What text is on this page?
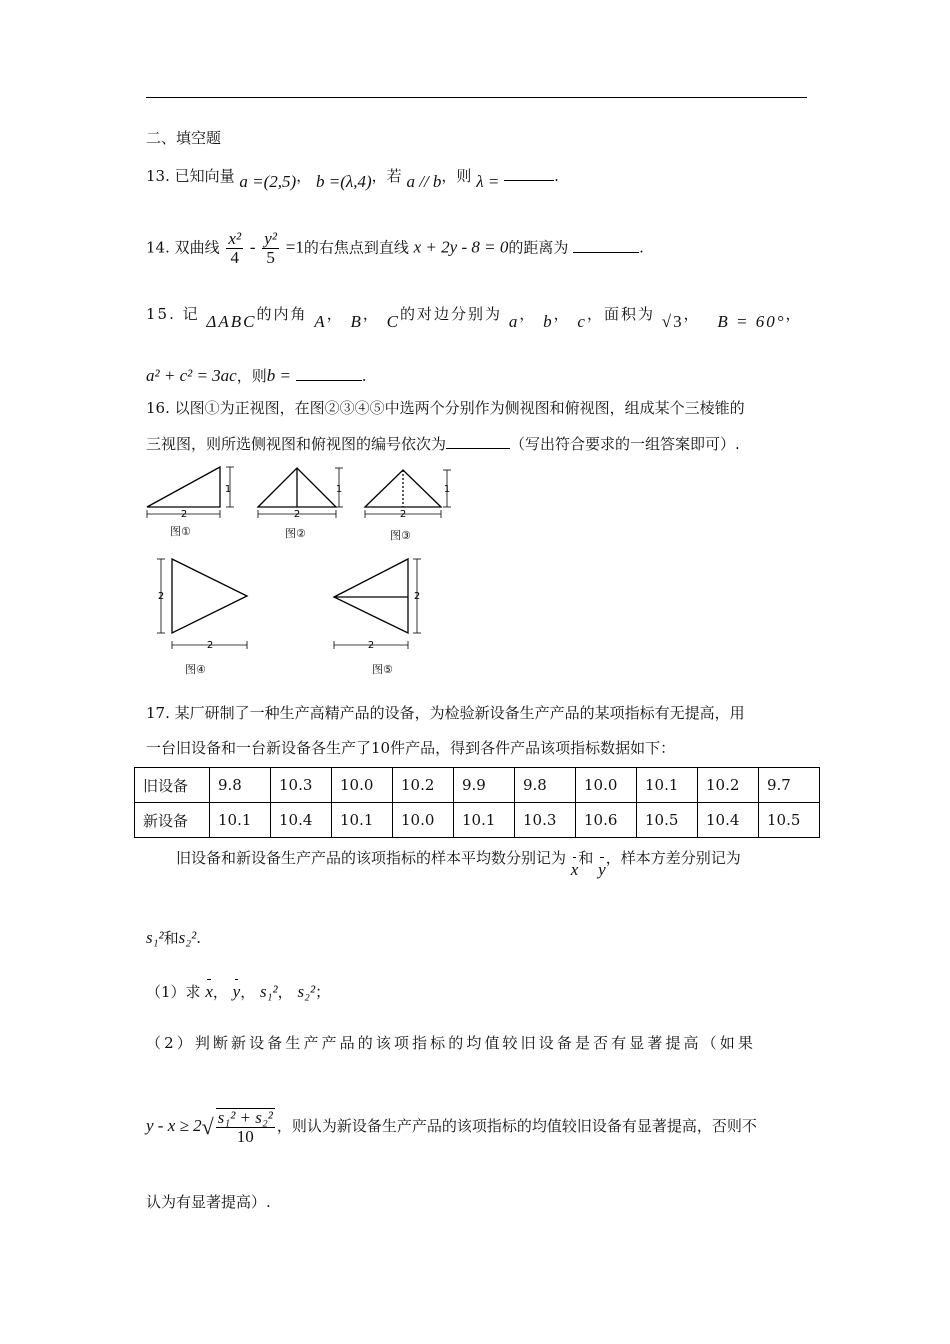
二、填空题
13. 已知向量 a =(2,5)， b =(λ,4)，若 a // b，则 λ =	.
14. 双曲线 $\frac{\text{x²}}{4} - \frac{\text{y²}}{5} =1$的右焦点到直线 x + 2y - 8 = 0的距离为	.
15. 记 ΔABC的内角 A， B， C的对边分别为 a， b， c，面积为 √3， B = 60°，
a² + c² = 3ac，则b =	.
16. 以图①为正视图，在图②③④⑤中选两个分别作为侧视图和俯视图，组成某个三棱锥的
三视图，则所选侧视图和俯视图的编号依次为	（写出符合要求的一组答案即可）.
2
1
2
1
2
1
图①	图②	图③
2
2
2
2
图④	图⑤
17. 某厂研制了一种生产高精产品的设备，为检验新设备生产产品的某项指标有无提高，用
一台旧设备和一台新设备各生产了10件产品，得到各件产品该项指标数据如下：
旧设备	9.8	10.3	10.0	10.2	9.9	9.8	10.0	10.1	10.2	9.7
新设备	10.1	10.4	10.1	10.0	10.1	10.3	10.6	10.5	10.4	10.5
旧设备和新设备生产产品的该项指标的样本平均数分别记为 x和 y，样本方差分别记为
s₁²和s₂².
（1）求 x， y， s₁²， s₂²；
（2）判断新设备生产产品的该项指标的均值较旧设备是否有显著提高（如果
$y - x \ge 2√ \frac{\text{s₁² + s₂²}}{10}$ ，则认为新设备生产产品的该项指标的均值较旧设备有显著提高，否则不
认为有显著提高）.
